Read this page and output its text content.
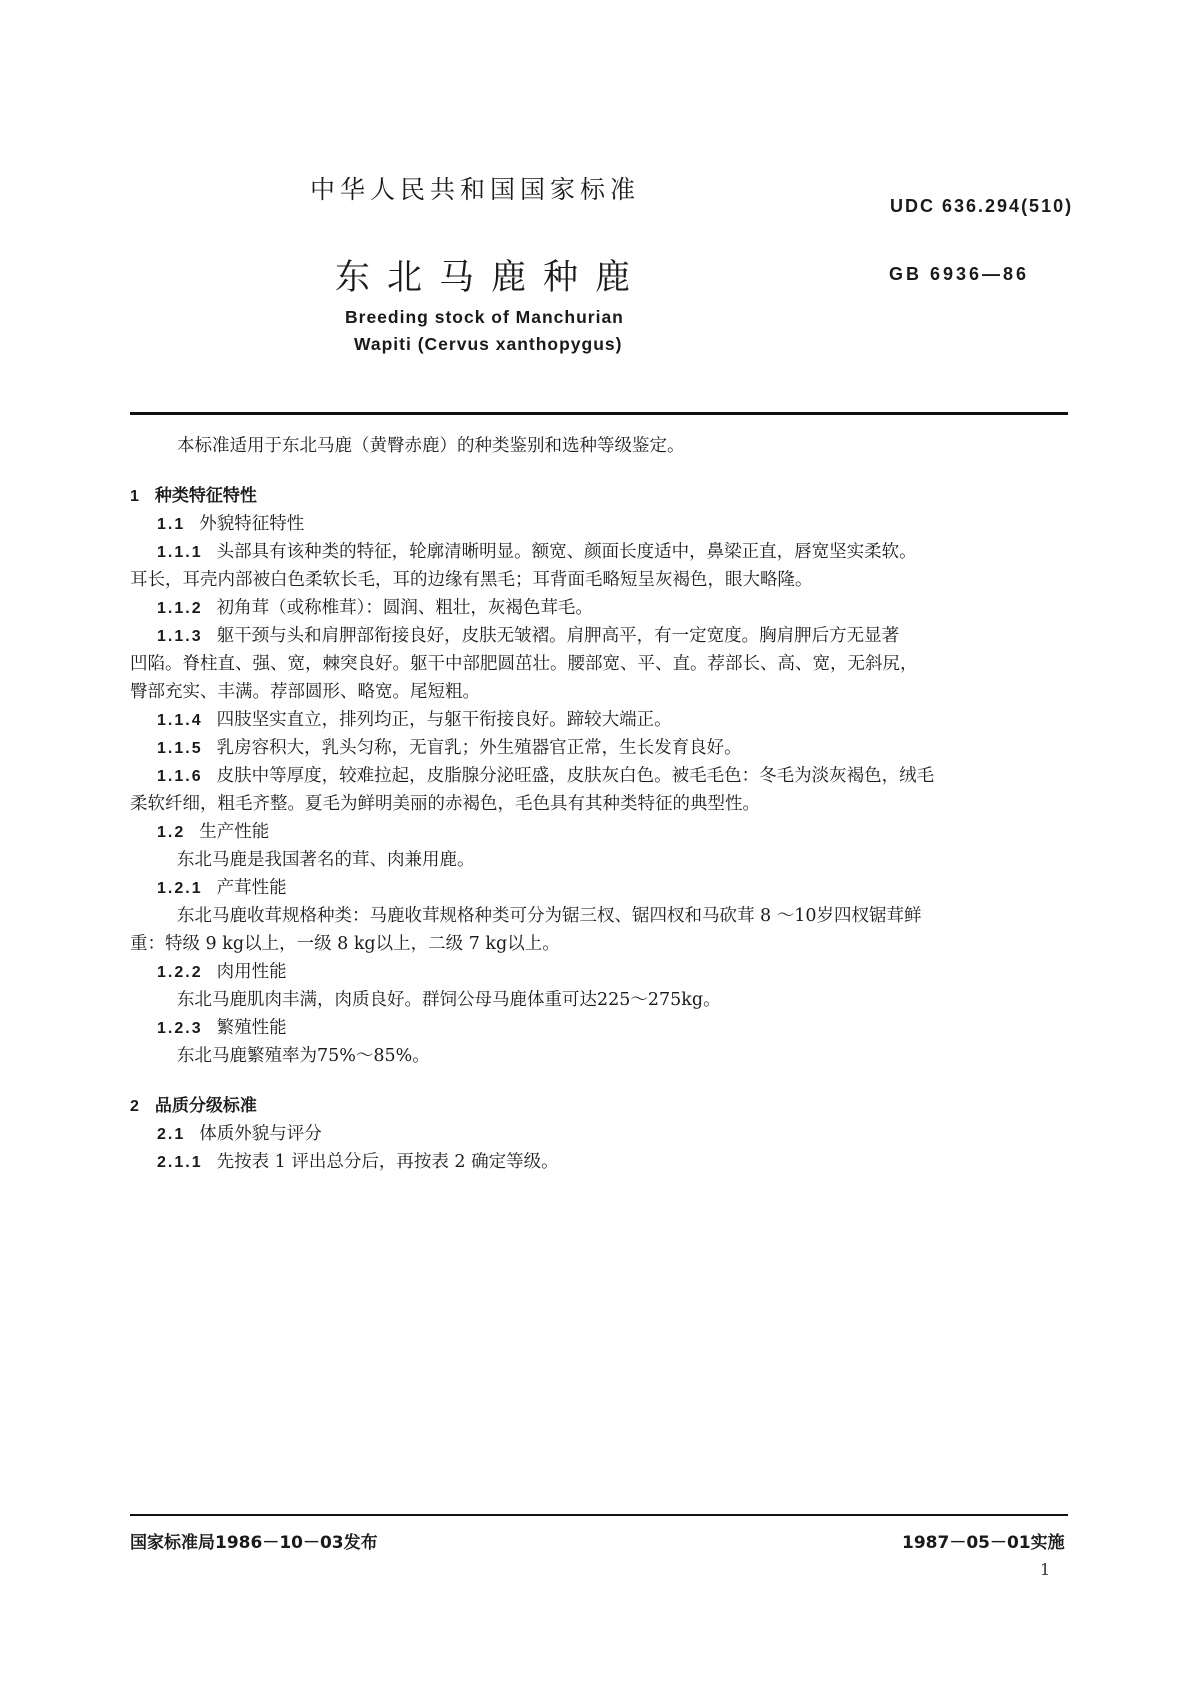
中华人民共和国国家标准
UDC 636.294(510)
东北马鹿种鹿	GB 6936—86
Breeding stock of Manchurian
Wapiti (Cervus xanthopygus)
本标准适用于东北马鹿（黄臀赤鹿）的种类鉴别和选种等级鉴定。
1 种类特征特性
1.1 外貌特征特性
1.1.1 头部具有该种类的特征，轮廓清晰明显。额宽、颜面长度适中，鼻梁正直，唇宽坚实柔软。
耳长，耳壳内部被白色柔软长毛，耳的边缘有黑毛；耳背面毛略短呈灰褐色，眼大略隆。
1.1.2 初角茸（或称椎茸）：圆润、粗壮，灰褐色茸毛。
1.1.3 躯干颈与头和肩胛部衔接良好，皮肤无皱褶。肩胛高平，有一定宽度。胸肩胛后方无显著
凹陷。脊柱直、强、宽，棘突良好。躯干中部肥圆茁壮。腰部宽、平、直。荐部长、高、宽，无斜尻，
臀部充实、丰满。荐部圆形、略宽。尾短粗。
1.1.4 四肢坚实直立，排列均正，与躯干衔接良好。蹄较大端正。
1.1.5 乳房容积大，乳头匀称，无盲乳；外生殖器官正常，生长发育良好。
1.1.6 皮肤中等厚度，较难拉起，皮脂腺分泌旺盛，皮肤灰白色。被毛毛色：冬毛为淡灰褐色，绒毛
柔软纤细，粗毛齐整。夏毛为鲜明美丽的赤褐色，毛色具有其种类特征的典型性。
1.2 生产性能
东北马鹿是我国著名的茸、肉兼用鹿。
1.2.1 产茸性能
东北马鹿收茸规格种类：马鹿收茸规格种类可分为锯三杈、锯四杈和马砍茸 8 ～10岁四杈锯茸鲜
重：特级 9 kg以上，一级 8 kg以上，二级 7 kg以上。
1.2.2 肉用性能
东北马鹿肌肉丰满，肉质良好。群饲公母马鹿体重可达225～275kg。
1.2.3 繁殖性能
东北马鹿繁殖率为75%～85%。
2 品质分级标准
2.1 体质外貌与评分
2.1.1 先按表 1 评出总分后，再按表 2 确定等级。
国家标准局1986－10－03发布	1987－05－01实施
1
